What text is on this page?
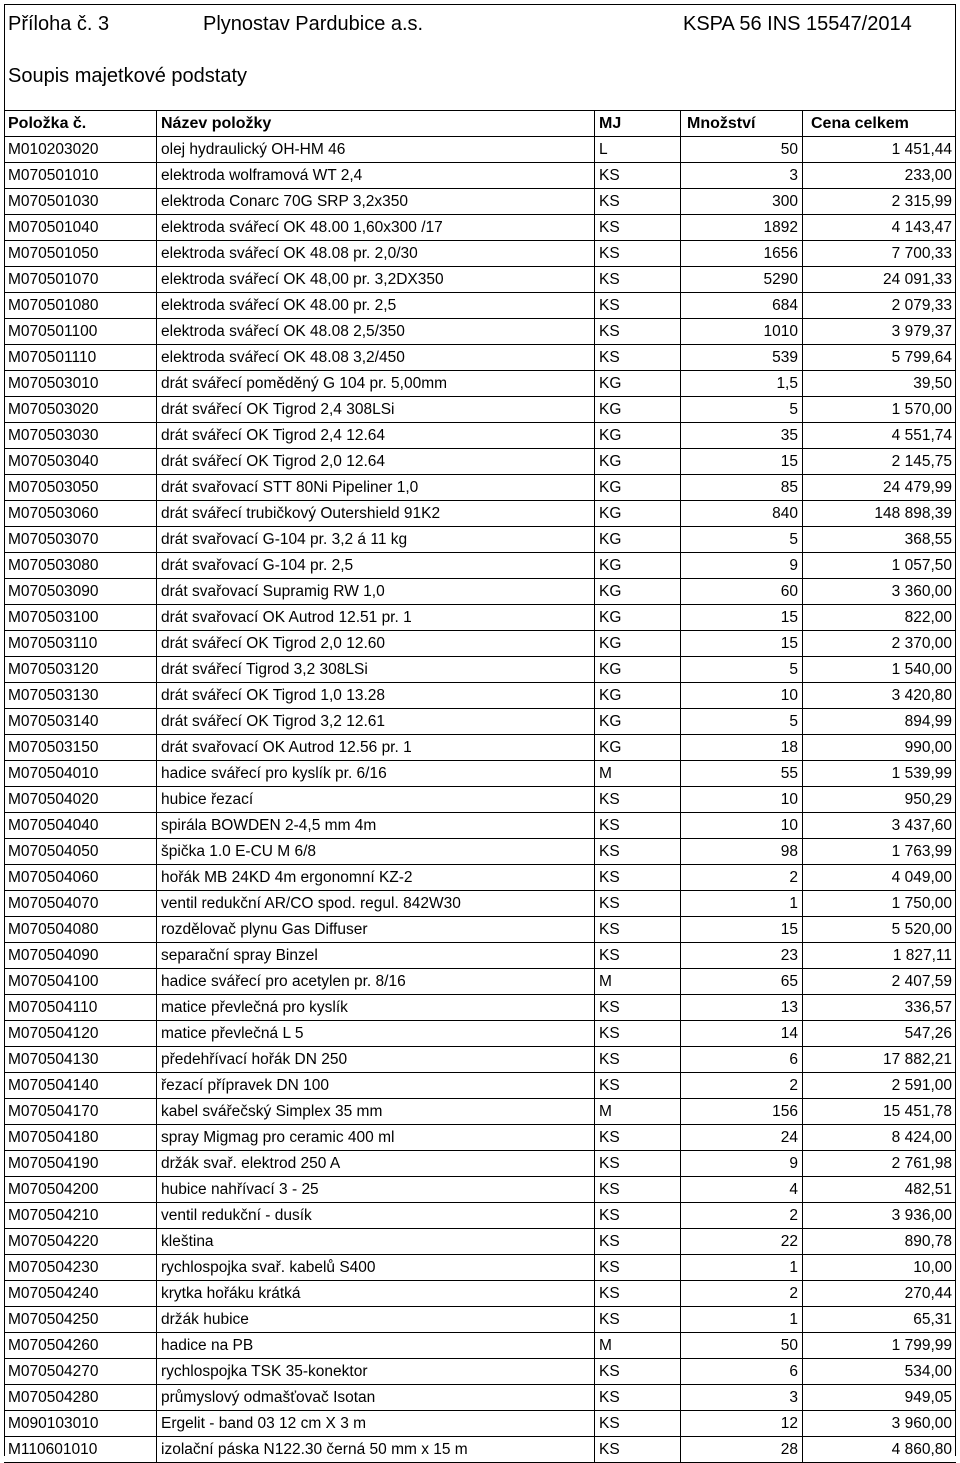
Příloha č. 3	Plynostav Pardubice a.s.	KSPA 56 INS 15547/2014
Soupis majetkové podstaty
Položka č.	Název položky	MJ	Množství	Cena celkem
M010203020	olej hydraulický OH-HM 46	L	50	1 451,44
M070501010	elektroda wolframová WT 2,4	KS	3	233,00
M070501030	elektroda Conarc 70G SRP 3,2x350	KS	300	2 315,99
M070501040	elektroda svářecí OK 48.00 1,60x300 /17	KS	1892	4 143,47
M070501050	elektroda svářecí OK 48.08 pr. 2,0/30	KS	1656	7 700,33
M070501070	elektroda svářecí OK 48,00 pr. 3,2DX350	KS	5290	24 091,33
M070501080	elektroda svářecí OK 48.00 pr. 2,5	KS	684	2 079,33
M070501100	elektroda svářecí OK 48.08 2,5/350	KS	1010	3 979,37
M070501110	elektroda svářecí OK 48.08 3,2/450	KS	539	5 799,64
M070503010	drát svářecí poměděný G 104 pr. 5,00mm	KG	1,5	39,50
M070503020	drát svářecí OK Tigrod 2,4 308LSi	KG	5	1 570,00
M070503030	drát svářecí OK Tigrod 2,4 12.64	KG	35	4 551,74
M070503040	drát svářecí OK Tigrod 2,0 12.64	KG	15	2 145,75
M070503050	drát svařovací STT 80Ni Pipeliner 1,0	KG	85	24 479,99
M070503060	drát svářecí trubičkový Outershield 91K2	KG	840	148 898,39
M070503070	drát svařovací G-104 pr. 3,2 á 11 kg	KG	5	368,55
M070503080	drát svařovací G-104 pr. 2,5	KG	9	1 057,50
M070503090	drát svařovací Supramig RW 1,0	KG	60	3 360,00
M070503100	drát svařovací OK Autrod 12.51 pr. 1	KG	15	822,00
M070503110	drát svářecí OK Tigrod 2,0 12.60	KG	15	2 370,00
M070503120	drát svářecí Tigrod 3,2 308LSi	KG	5	1 540,00
M070503130	drát svářecí OK Tigrod 1,0 13.28	KG	10	3 420,80
M070503140	drát svářecí OK Tigrod 3,2 12.61	KG	5	894,99
M070503150	drát svařovací OK Autrod 12.56 pr. 1	KG	18	990,00
M070504010	hadice svářecí pro kyslík pr. 6/16	M	55	1 539,99
M070504020	hubice řezací	KS	10	950,29
M070504040	spirála BOWDEN 2-4,5 mm 4m	KS	10	3 437,60
M070504050	špička 1.0 E-CU M 6/8	KS	98	1 763,99
M070504060	hořák MB 24KD 4m ergonomní KZ-2	KS	2	4 049,00
M070504070	ventil redukční AR/CO spod. regul. 842W30	KS	1	1 750,00
M070504080	rozdělovač plynu Gas Diffuser	KS	15	5 520,00
M070504090	separační spray Binzel	KS	23	1 827,11
M070504100	hadice svářecí pro acetylen pr. 8/16	M	65	2 407,59
M070504110	matice převlečná pro kyslík	KS	13	336,57
M070504120	matice převlečná L 5	KS	14	547,26
M070504130	předehřívací hořák DN 250	KS	6	17 882,21
M070504140	řezací přípravek DN 100	KS	2	2 591,00
M070504170	kabel svářečský Simplex 35 mm	M	156	15 451,78
M070504180	spray Migmag pro ceramic 400 ml	KS	24	8 424,00
M070504190	držák svař. elektrod 250 A	KS	9	2 761,98
M070504200	hubice nahřívací 3 - 25	KS	4	482,51
M070504210	ventil redukční - dusík	KS	2	3 936,00
M070504220	kleština	KS	22	890,78
M070504230	rychlospojka svař. kabelů S400	KS	1	10,00
M070504240	krytka hořáku krátká	KS	2	270,44
M070504250	držák hubice	KS	1	65,31
M070504260	hadice na PB	M	50	1 799,99
M070504270	rychlospojka TSK 35-konektor	KS	6	534,00
M070504280	průmyslový odmašťovač Isotan	KS	3	949,05
M090103010	Ergelit - band 03 12 cm X 3 m	KS	12	3 960,00
M110601010	izolační páska N122.30 černá 50 mm x 15 m	KS	28	4 860,80
